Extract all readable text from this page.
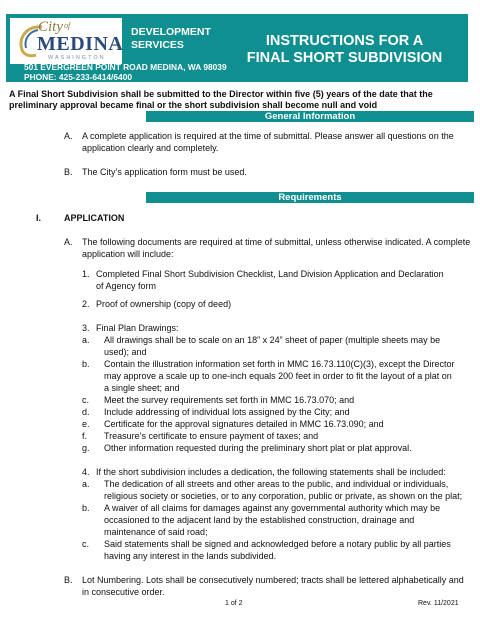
City of
MEDINA
WASHINGTON
DEVELOPMENT
SERVICES
501 EVERGREEN POINT ROAD MEDINA, WA 98039
PHONE: 425-233-6414/6400
INSTRUCTIONS FOR A
FINAL SHORT SUBDIVISION
A Final Short Subdivision shall be submitted to the Director within five (5) years of the date that the preliminary approval became final or the short subdivision shall become null and void
General Information
A. A complete application is required at the time of submittal. Please answer all questions on the application clearly and completely.
B. The City’s application form must be used.
Requirements
I.	APPLICATION
A. The following documents are required at time of submittal, unless otherwise indicated. A complete application will include:
1. Completed Final Short Subdivision Checklist, Land Division Application and Declaration of Agency form
2. Proof of ownership (copy of deed)
3. Final Plan Drawings:
a. All drawings shall be to scale on an 18” x 24” sheet of paper (multiple sheets may be used); and
b. Contain the illustration information set forth in MMC 16.73.110(C)(3), except the Director may approve a scale up to one-inch equals 200 feet in order to fit the layout of a plat on a single sheet; and
c. Meet the survey requirements set forth in MMC 16.73.070; and
d. Include addressing of individual lots assigned by the City; and
e. Certificate for the approval signatures detailed in MMC 16.73.090; and
f. Treasure’s certificate to ensure payment of taxes; and
g. Other information requested during the preliminary short plat or plat approval.
4. If the short subdivision includes a dedication, the following statements shall be included:
a. The dedication of all streets and other areas to the public, and individual or individuals, religious society or societies, or to any corporation, public or private, as shown on the plat;
b. A waiver of all claims for damages against any governmental authority which may be occasioned to the adjacent land by the established construction, drainage and maintenance of said road;
c. Said statements shall be signed and acknowledged before a notary public by all parties having any interest in the lands subdivided.
B. Lot Numbering. Lots shall be consecutively numbered; tracts shall be lettered alphabetically and in consecutive order.
1 of 2	Rev. 11/2021
